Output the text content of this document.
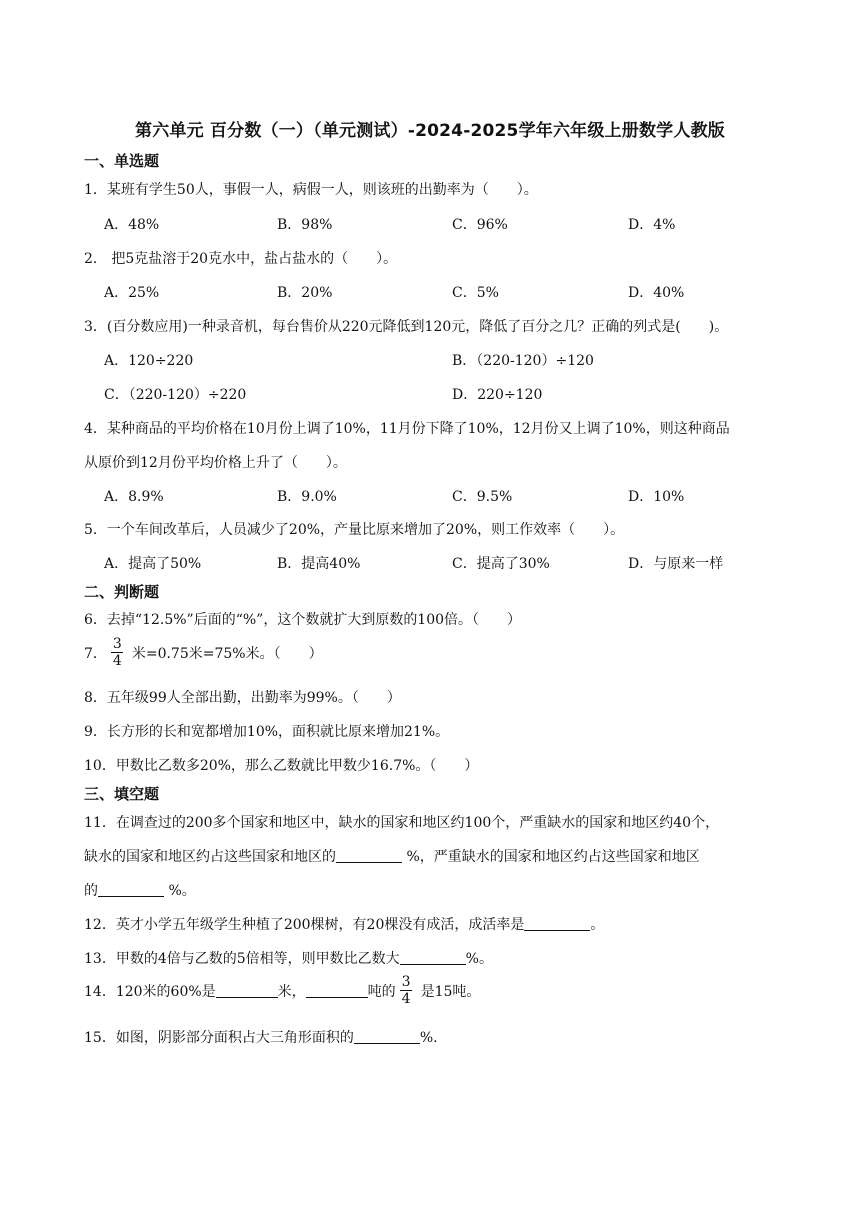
第六单元 百分数（一）（单元测试）-2024-2025学年六年级上册数学人教版
一、单选题
1．某班有学生50人，事假一人，病假一人，则该班的出勤率为（　　）。
A．48%	B．98%	C．96%	D．4%
2． 把5克盐溶于20克水中，盐占盐水的（　　）。
A．25%	B．20%	C．5%	D．40%
3．(百分数应用)一种录音机，每台售价从220元降低到120元，降低了百分之几？正确的列式是(　　)。
A．120÷220	B．（220-120）÷120
C．（220-120）÷220	D．220÷120
4．某种商品的平均价格在10月份上调了10%，11月份下降了10%，12月份又上调了10%，则这种商品
从原价到12月份平均价格上升了（　　）。
A．8.9%	B．9.0%	C．9.5%	D．10%
5．一个车间改革后，人员减少了20%，产量比原来增加了20%，则工作效率（　　）。
A．提高了50%	B．提高40%	C．提高了30%	D．与原来一样
二、判断题
6．去掉“12.5%”后面的“%”，这个数就扩大到原数的100倍。（　　）
7． $\frac{3}{4}$ 米=0.75米=75%米。（　　）
8．五年级99人全部出勤，出勤率为99%。（　　）
9．长方形的长和宽都增加10%，面积就比原来增加21%。
10．甲数比乙数多20%，那么乙数就比甲数少16.7%。（　　）
三、填空题
11．在调查过的200多个国家和地区中，缺水的国家和地区约100个，严重缺水的国家和地区约40个，
缺水的国家和地区约占这些国家和地区的	%，严重缺水的国家和地区约占这些国家和地区
的	%。
12．英才小学五年级学生种植了200棵树，有20棵没有成活，成活率是	。
13．甲数的4倍与乙数的5倍相等，则甲数比乙数大	%。
14．120米的60%是	米，	吨的 $\frac{3}{4}$ 是15吨。
15．如图，阴影部分面积占大三角形面积的	%.
